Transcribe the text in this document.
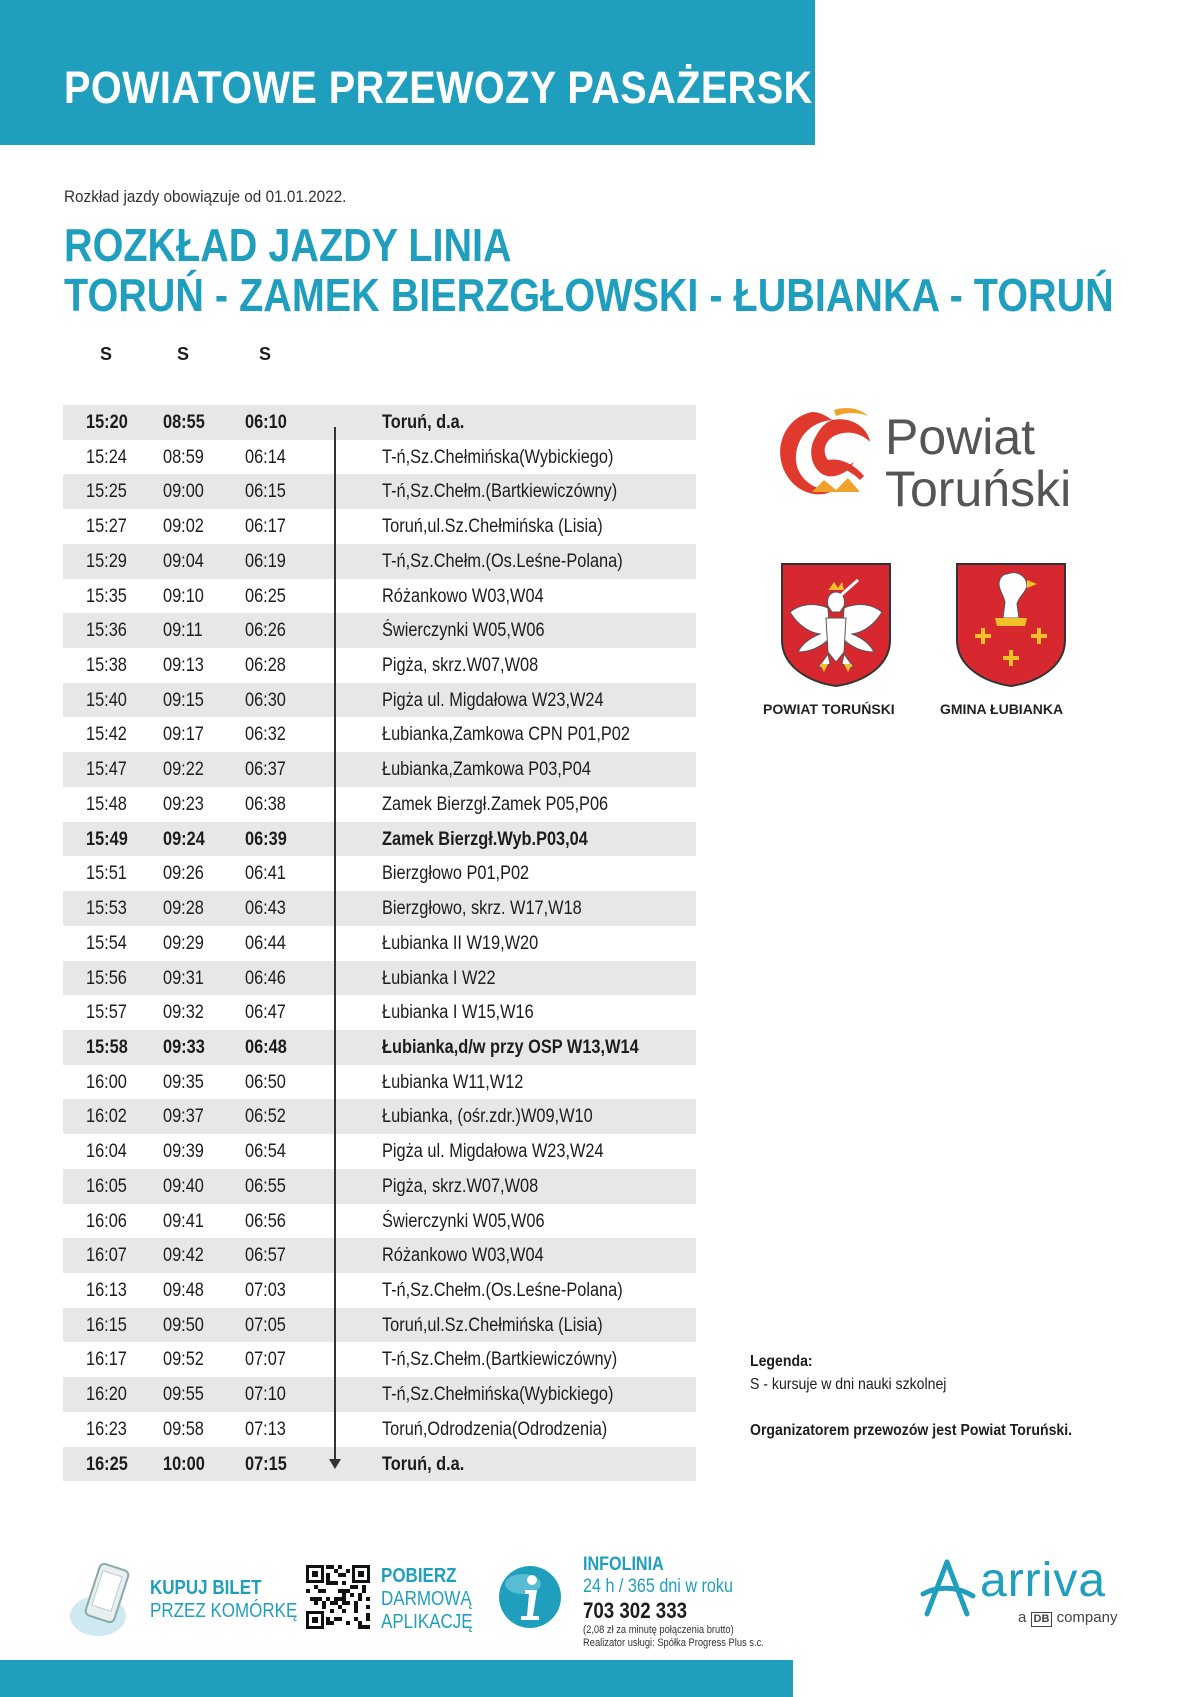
POWIATOWE PRZEWOZY PASAŻERSKIE
Rozkład jazdy obowiązuje od 01.01.2022.
ROZKŁAD JAZDY LINIA
TORUŃ - ZAMEK BIERZGŁOWSKI - ŁUBIANKA - TORUŃ
S	S	S
15:20 08:55 06:10	Toruń, d.a.
15:24 08:59 06:14	T-ń,Sz.Chełmińska(Wybickiego)
15:25 09:00 06:15	T-ń,Sz.Chełm.(Bartkiewiczówny)
15:27 09:02 06:17	Toruń,ul.Sz.Chełmińska (Lisia)
15:29 09:04 06:19	T-ń,Sz.Chełm.(Os.Leśne-Polana)
15:35 09:10 06:25	Różankowo W03,W04
15:36 09:11 06:26	Świerczynki W05,W06
15:38 09:13 06:28	Pigża, skrz.W07,W08
15:40 09:15 06:30	Pigża ul. Migdałowa W23,W24
15:42 09:17 06:32	Łubianka,Zamkowa CPN P01,P02
15:47 09:22 06:37	Łubianka,Zamkowa P03,P04
15:48 09:23 06:38	Zamek Bierzgł.Zamek P05,P06
15:49 09:24 06:39	Zamek Bierzgł.Wyb.P03,04
15:51 09:26 06:41	Bierzgłowo P01,P02
15:53 09:28 06:43	Bierzgłowo, skrz. W17,W18
15:54 09:29 06:44	Łubianka II W19,W20
15:56 09:31 06:46	Łubianka I W22
15:57 09:32 06:47	Łubianka I W15,W16
15:58 09:33 06:48	Łubianka,d/w przy OSP W13,W14
16:00 09:35 06:50	Łubianka W11,W12
16:02 09:37 06:52	Łubianka, (ośr.zdr.)W09,W10
16:04 09:39 06:54	Pigża ul. Migdałowa W23,W24
16:05 09:40 06:55	Pigża, skrz.W07,W08
16:06 09:41 06:56	Świerczynki W05,W06
16:07 09:42 06:57	Różankowo W03,W04
16:13 09:48 07:03	T-ń,Sz.Chełm.(Os.Leśne-Polana)
16:15 09:50 07:05	Toruń,ul.Sz.Chełmińska (Lisia)
16:17 09:52 07:07	T-ń,Sz.Chełm.(Bartkiewiczówny)
16:20 09:55 07:10	T-ń,Sz.Chełmińska(Wybickiego)
16:23 09:58 07:13	Toruń,Odrodzenia(Odrodzenia)
16:25 10:00 07:15	Toruń, d.a.
Powiat
Toruński
POWIAT TORUŃSKI	GMINA ŁUBIANKA
Legenda:
S - kursuje w dni nauki szkolnej
Organizatorem przewozów jest Powiat Toruński.
KUPUJ BILET
PRZEZ KOMÓRKĘ
POBIERZ
DARMOWĄ
APLIKACJĘ
INFOLINIA
24 h / 365 dni w roku
703 302 333
(2,08 zł za minutę połączenia brutto)
Realizator usługi: Spółka Progress Plus s.c.
arriva
a DB company
